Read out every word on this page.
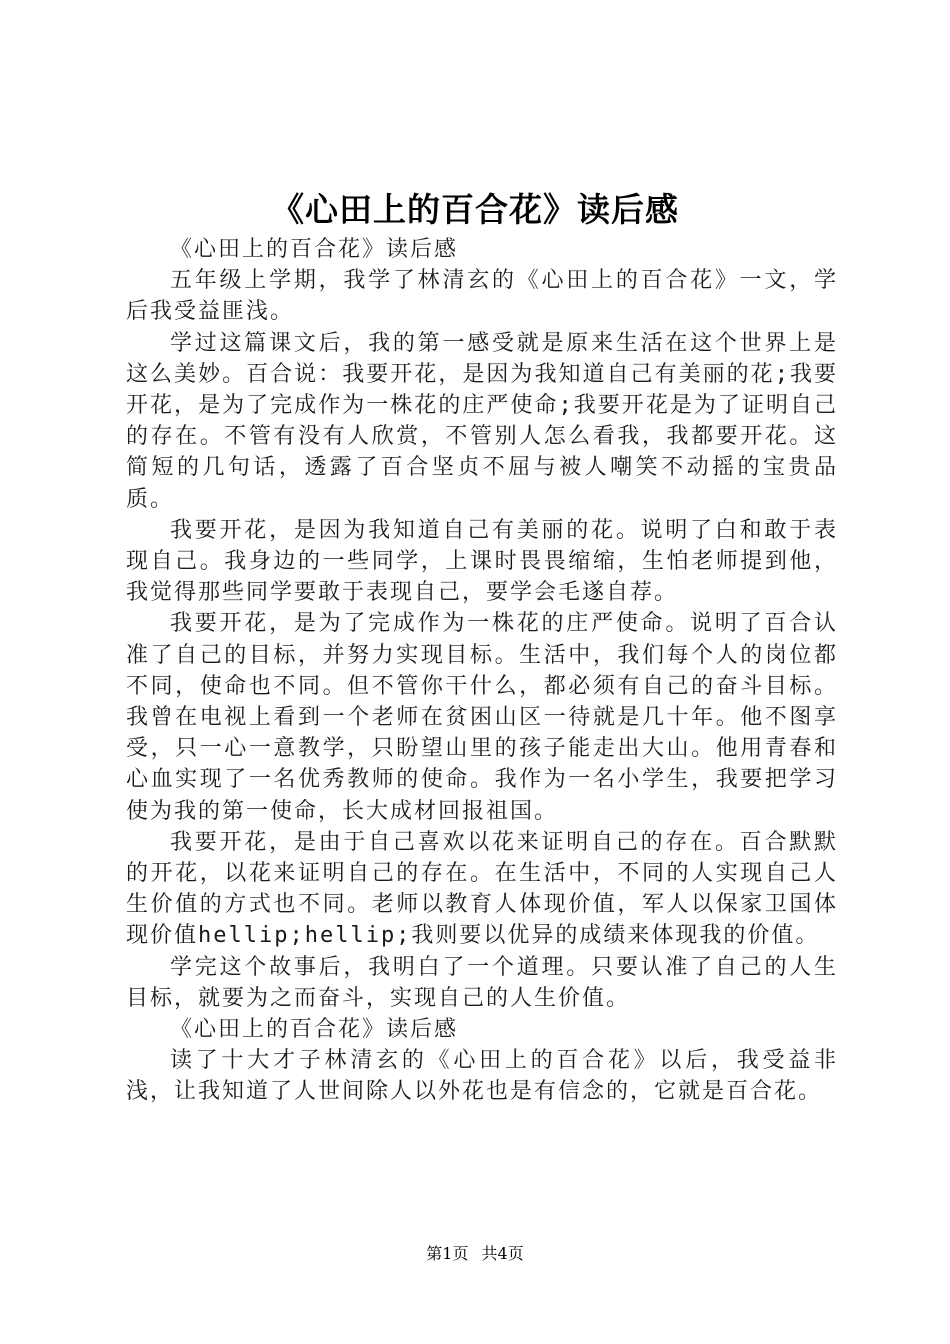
《心田上的百合花》读后感

《心田上的百合花》读后感

五年级上学期，我学了林清玄的《心田上的百合花》一文，学后我受益匪浅。

学过这篇课文后，我的第一感受就是原来生活在这个世界上是这么美妙。百合说：我要开花，是因为我知道自己有美丽的花;我要开花，是为了完成作为一株花的庄严使命;我要开花是为了证明自己的存在。不管有没有人欣赏，不管别人怎么看我，我都要开花。这简短的几句话，透露了百合坚贞不屈与被人嘲笑不动摇的宝贵品质。

我要开花，是因为我知道自己有美丽的花。说明了白和敢于表现自己。我身边的一些同学，上课时畏畏缩缩，生怕老师提到他，我觉得那些同学要敢于表现自己，要学会毛遂自荐。

我要开花，是为了完成作为一株花的庄严使命。说明了百合认准了自己的目标，并努力实现目标。生活中，我们每个人的岗位都不同，使命也不同。但不管你干什么，都必须有自己的奋斗目标。我曾在电视上看到一个老师在贫困山区一待就是几十年。他不图享受，只一心一意教学，只盼望山里的孩子能走出大山。他用青春和心血实现了一名优秀教师的使命。我作为一名小学生，我要把学习使为我的第一使命，长大成材回报祖国。

我要开花，是由于自己喜欢以花来证明自己的存在。百合默默的开花，以花来证明自己的存在。在生活中，不同的人实现自己人生价值的方式也不同。老师以教育人体现价值，军人以保家卫国体现价值hellip;hellip;我则要以优异的成绩来体现我的价值。

学完这个故事后，我明白了一个道理。只要认准了自己的人生目标，就要为之而奋斗，实现自己的人生价值。

《心田上的百合花》读后感

读了十大才子林清玄的《心田上的百合花》以后，我受益非浅，让我知道了人世间除人以外花也是有信念的，它就是百合花。

第1页 共4页
